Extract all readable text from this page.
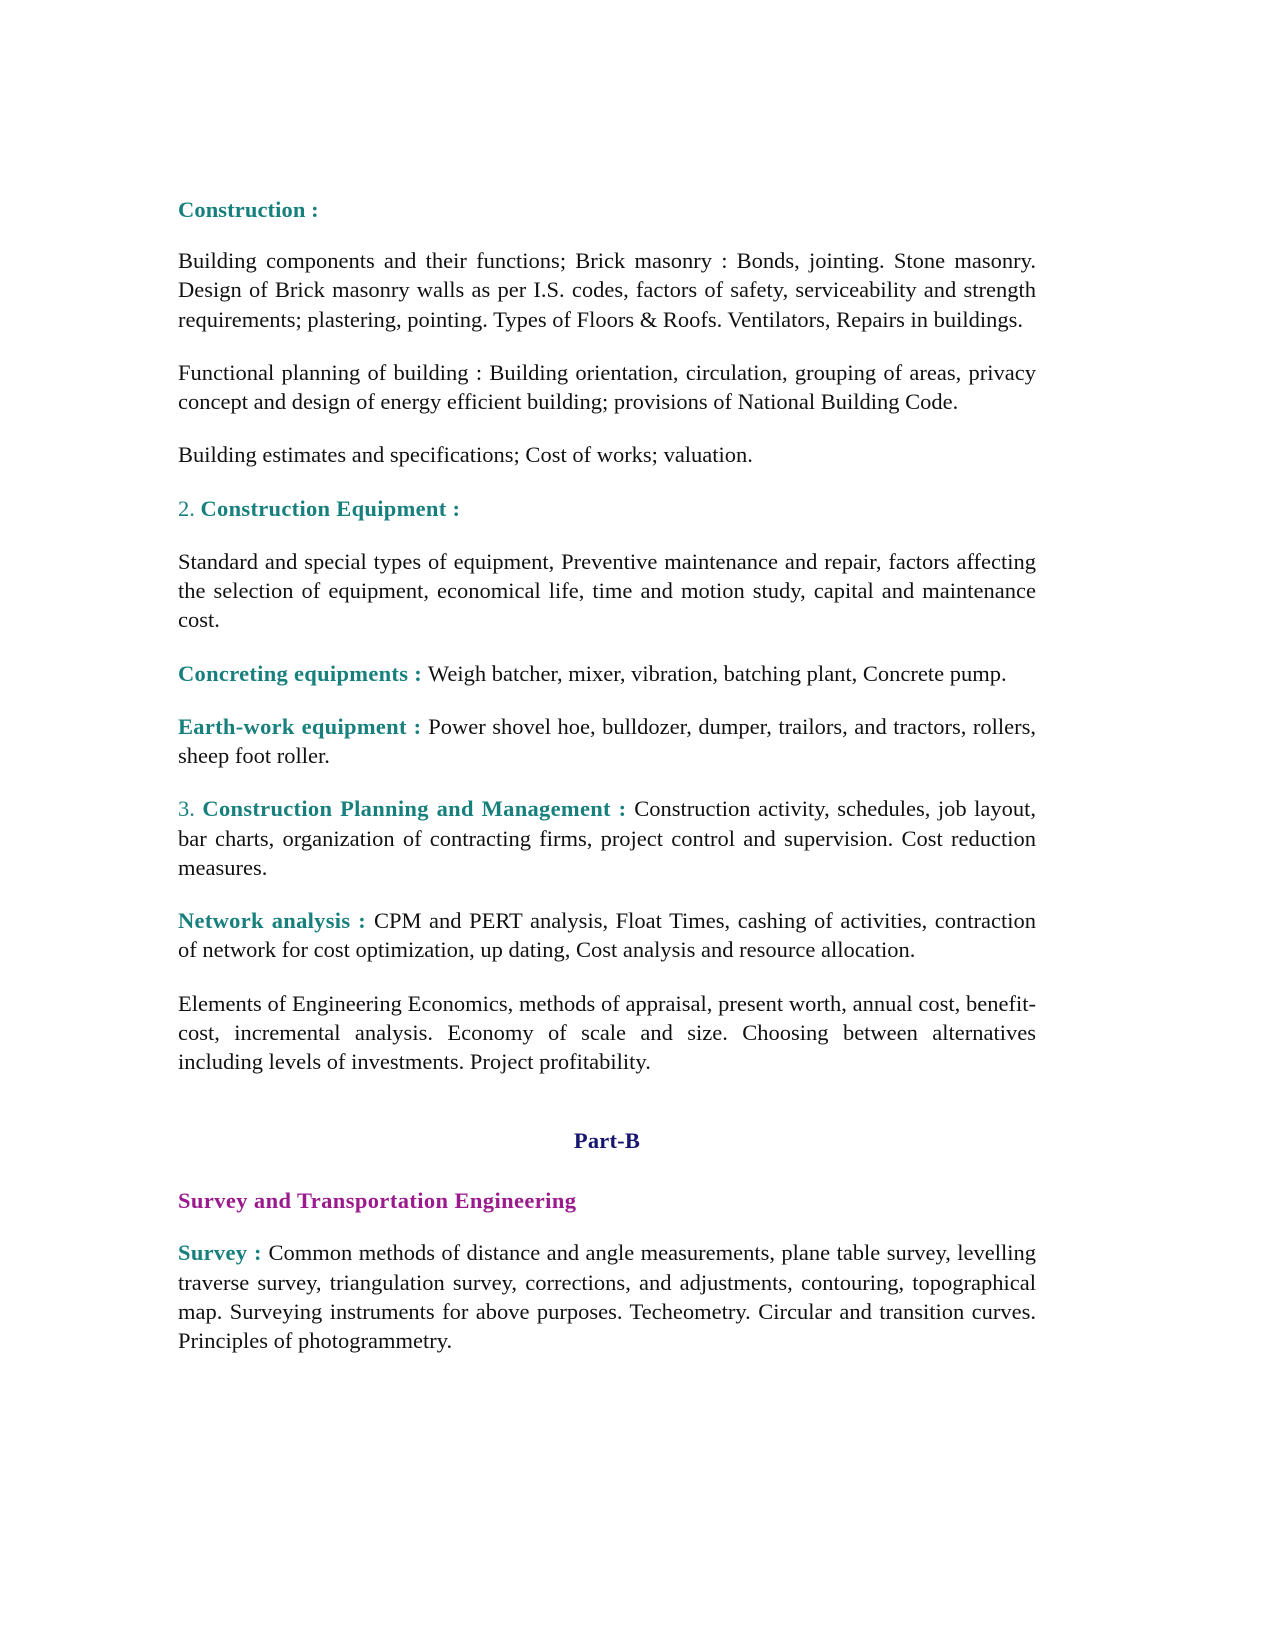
Construction :

Building components and their functions; Brick masonry : Bonds, jointing. Stone masonry. Design of Brick masonry walls as per I.S. codes, factors of safety, serviceability and strength requirements; plastering, pointing. Types of Floors & Roofs. Ventilators, Repairs in buildings.

Functional planning of building : Building orientation, circulation, grouping of areas, privacy concept and design of energy efficient building; provisions of National Building Code.

Building estimates and specifications; Cost of works; valuation.

2. Construction Equipment :

Standard and special types of equipment, Preventive maintenance and repair, factors affecting the selection of equipment, economical life, time and motion study, capital and maintenance cost.

Concreting equipments : Weigh batcher, mixer, vibration, batching plant, Concrete pump.

Earth-work equipment : Power shovel hoe, bulldozer, dumper, trailors, and tractors, rollers, sheep foot roller.

3. Construction Planning and Management : Construction activity, schedules, job layout, bar charts, organization of contracting firms, project control and supervision. Cost reduction measures.

Network analysis : CPM and PERT analysis, Float Times, cashing of activities, contraction of network for cost optimization, up dating, Cost analysis and resource allocation.

Elements of Engineering Economics, methods of appraisal, present worth, annual cost, benefit-cost, incremental analysis. Economy of scale and size. Choosing between alternatives including levels of investments. Project profitability.

Part-B
Survey and Transportation Engineering

Survey : Common methods of distance and angle measurements, plane table survey, levelling traverse survey, triangulation survey, corrections, and adjustments, contouring, topographical map. Surveying instruments for above purposes. Techeometry. Circular and transition curves. Principles of photogrammetry.
